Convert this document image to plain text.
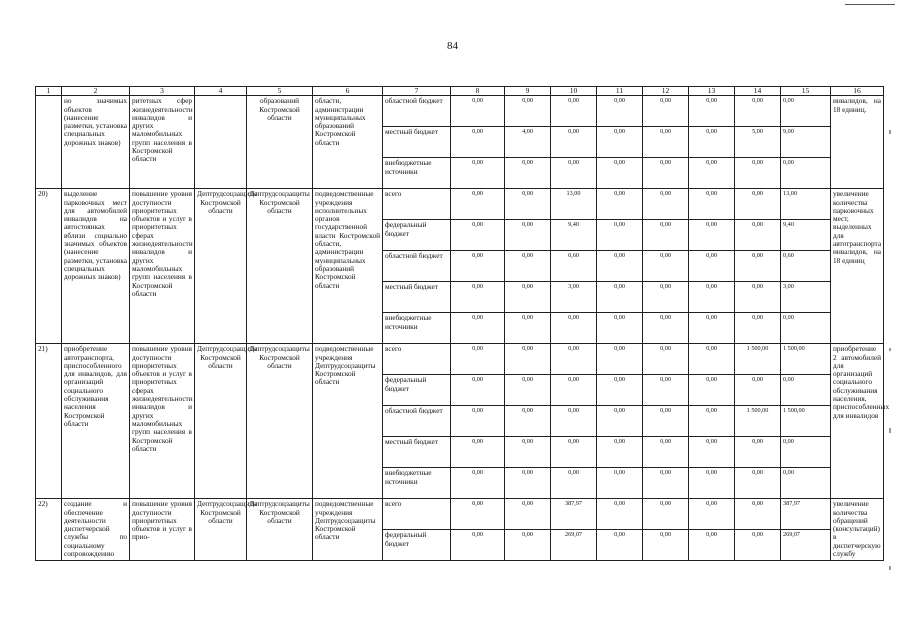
84
1	2	3	4	5	6	7	8	9	10	11	12	13	14	15	16
	но значимых объектов (нанесение разметки, установка специальных дорожных знаков)	ритетных сфер жизнедеятельности инвалидов и других маломобильных групп населения в Костромской области		образований Костромской области	области, администрации муниципальных образований Костромской области	областной бюджет	0,00	0,00	0,00	0,00	0,00	0,00	0,00	0,00	инвалидов, на 18 единиц.
						местный бюджет	0,00	4,00	0,00	0,00	0,00	0,00	5,00	9,00	
						внебюджетные источники	0,00	0,00	0,00	0,00	0,00	0,00	0,00	0,00	
20)	выделение парковочных мест для автомобилей инвалидов на автостоянках вблизи социально значимых объектов (нанесение разметки, установка специальных дорожных знаков)	повышение уровня доступности приоритетных объектов и услуг в приоритетных сферах жизнедеятельности инвалидов и других маломобильных групп населения в Костромской области	Дептрудсоцзащиты Костромской области	Дептрудсоцзащиты Костромской области	подведомственные учреждения исполнительных органов государственной власти Костромской области, администрации муниципальных образований Костромской области	всего	0,00	0,00	13,00	0,00	0,00	0,00	0,00	13,00	увеличение количества парковочных мест, выделенных для автотранспорта инвалидов, на 18 единиц
						федеральный бюджет	0,00	0,00	9,40	0,00	0,00	0,00	0,00	9,40	
						областной бюджет	0,00	0,00	0,60	0,00	0,00	0,00	0,00	0,60	
						местный бюджет	0,00	0,00	3,00	0,00	0,00	0,00	0,00	3,00	
						внебюджетные источники	0,00	0,00	0,00	0,00	0,00	0,00	0,00	0,00	
21)	приобретение автотранспорта, приспособленного для инвалидов, для организаций социального обслуживания населения Костромской области	повышение уровня доступности приоритетных объектов и услуг в приоритетных сферах жизнедеятельности инвалидов и других маломобильных групп населения в Костромской области	Дептрудсоцзащиты Костромской области	Дептрудсоцзащиты Костромской области	подведомственные учреждения Дептрудсоцзащиты Костромской области	всего	0,00	0,00	0,00	0,00	0,00	0,00	1 500,00	1 500,00	приобретение 2 автомобилей для организаций социального обслуживания населения, приспособленных для инвалидов
						федеральный бюджет	0,00	0,00	0,00	0,00	0,00	0,00	0,00	0,00	
						областной бюджет	0,00	0,00	0,00	0,00	0,00	0,00	1 500,00	1 500,00	
						местный бюджет	0,00	0,00	0,00	0,00	0,00	0,00	0,00	0,00	
						внебюджетные источники	0,00	0,00	0,00	0,00	0,00	0,00	0,00	0,00	
22)	создание и обеспечение деятельности диспетчерской службы по социальному сопровождению	повышение уровня доступности приоритетных объектов и услуг в прио-	Дептрудсоцзащиты Костромской области	Дептрудсоцзащиты Костромской области	подведомственные учреждения Дептрудсоцзащиты Костромской области	всего	0,00	0,00	387,97	0,00	0,00	0,00	0,00	387,97	увеличение количества обращений (консультаций) в диспетчерскую службу
						федеральный бюджет	0,00	0,00	269,07	0,00	0,00	0,00	0,00	269,07	
